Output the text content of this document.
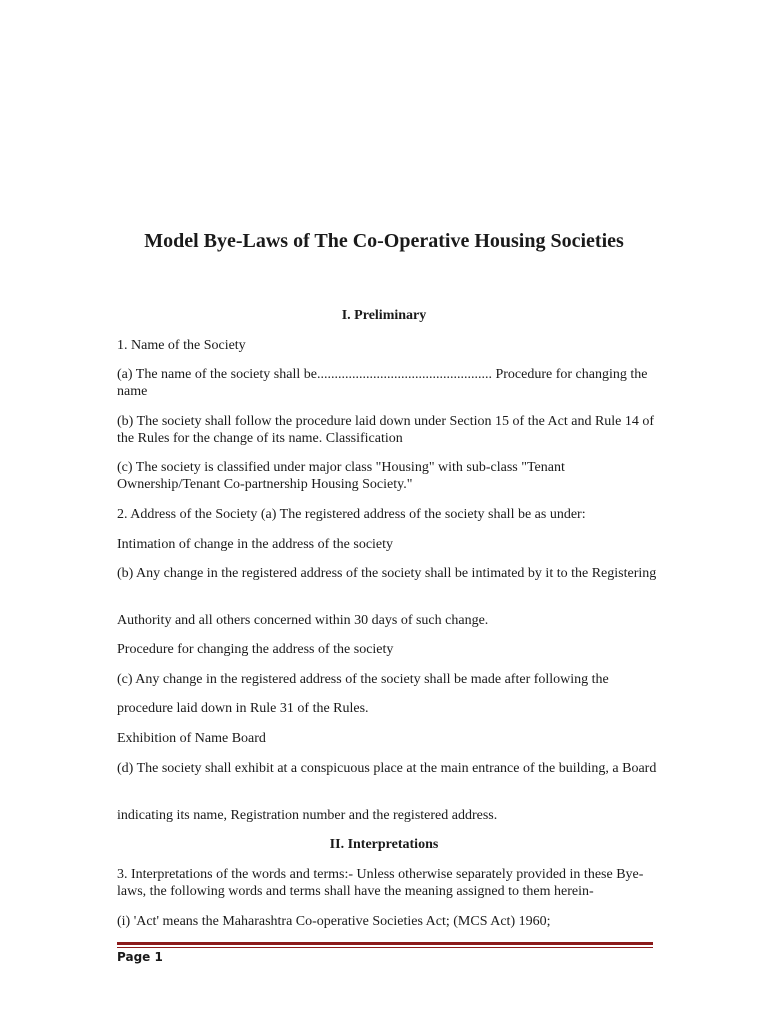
Model Bye-Laws of The Co-Operative Housing Societies
I. Preliminary
1. Name of the Society
(a) The name of the society shall be.................................................. Procedure for changing the name
(b) The society shall follow the procedure laid down under Section 15 of the Act and Rule 14 of the Rules for the change of its name. Classification
(c) The society is classified under major class "Housing" with sub-class "Tenant Ownership/Tenant Co-partnership Housing Society."
2. Address of the Society (a) The registered address of the society shall be as under:
Intimation of change in the address of the society
(b) Any change in the registered address of the society shall be intimated by it to the Registering
Authority and all others concerned within 30 days of such change.
Procedure for changing the address of the society
(c) Any change in the registered address of the society shall be made after following the
procedure laid down in Rule 31 of the Rules.
Exhibition of Name Board
(d) The society shall exhibit at a conspicuous place at the main entrance of the building, a Board
indicating its name, Registration number and the registered address.
II. Interpretations
3. Interpretations of the words and terms:- Unless otherwise separately provided in these Bye-laws, the following words and terms shall have the meaning assigned to them herein-
(i) 'Act' means the Maharashtra Co-operative Societies Act; (MCS Act) 1960;
Page 1
